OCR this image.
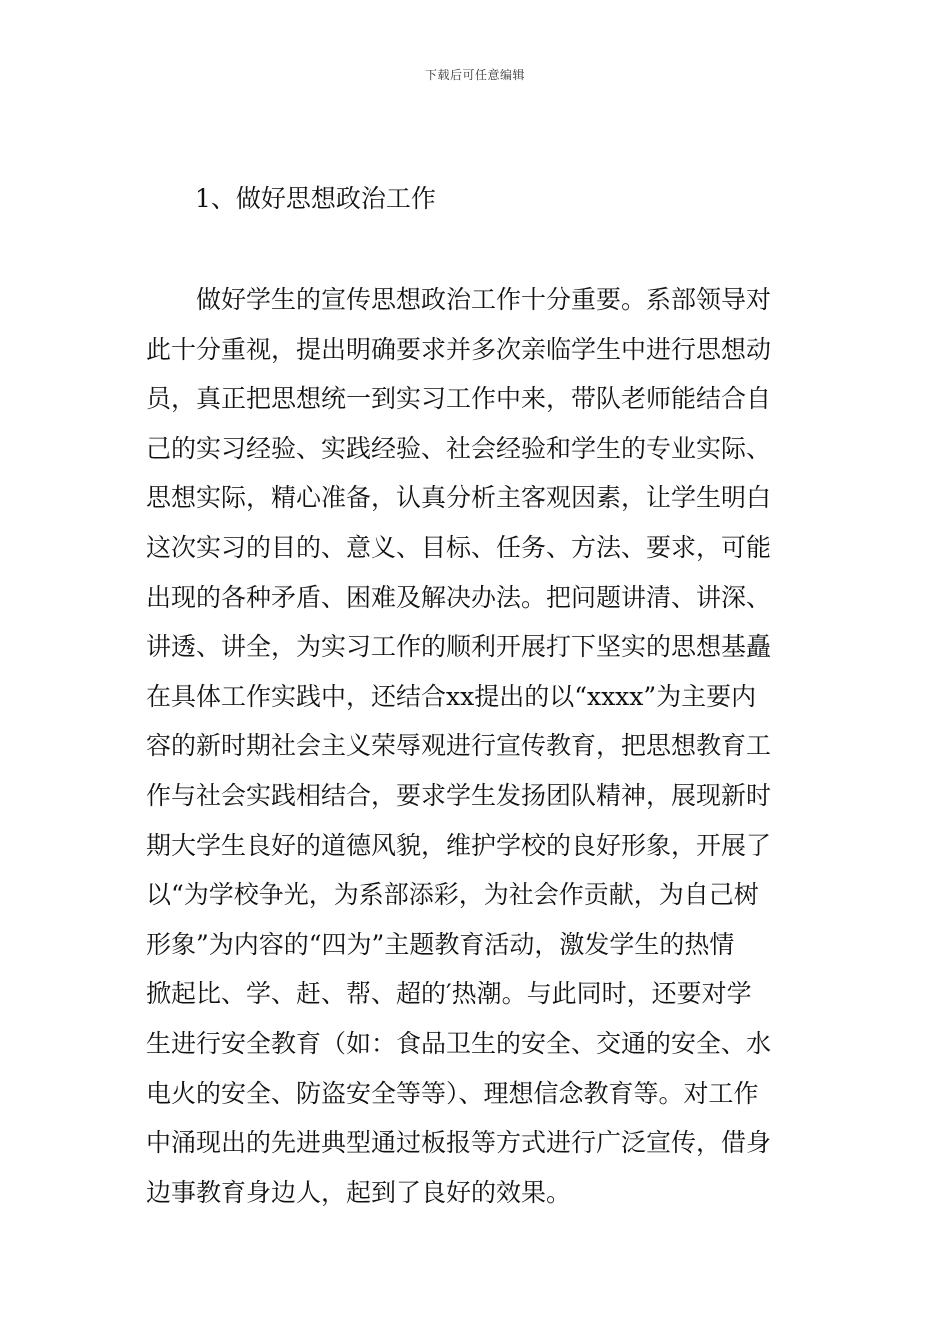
下载后可任意编辑
1、做好思想政治工作
做好学生的宣传思想政治工作十分重要。系部领导对
此十分重视，提出明确要求并多次亲临学生中进行思想动
员，真正把思想统一到实习工作中来，带队老师能结合自
己的实习经验、实践经验、社会经验和学生的专业实际、
思想实际，精心准备，认真分析主客观因素，让学生明白
这次实习的目的、意义、目标、任务、方法、要求，可能
出现的各种矛盾、困难及解决办法。把问题讲清、讲深、
讲透、讲全，为实习工作的顺利开展打下坚实的思想基矗
在具体工作实践中，还结合xx提出的以“xxxx”为主要内
容的新时期社会主义荣辱观进行宣传教育，把思想教育工
作与社会实践相结合，要求学生发扬团队精神，展现新时
期大学生良好的道德风貌，维护学校的良好形象，开展了
以“为学校争光，为系部添彩，为社会作贡献，为自己树
形象”为内容的“四为”主题教育活动，激发学生的热情
掀起比、学、赶、帮、超的′热潮。与此同时，还要对学
生进行安全教育（如：食品卫生的安全、交通的安全、水
电火的安全、防盗安全等等）、理想信念教育等。对工作
中涌现出的先进典型通过板报等方式进行广泛宣传，借身
边事教育身边人，起到了良好的效果。
